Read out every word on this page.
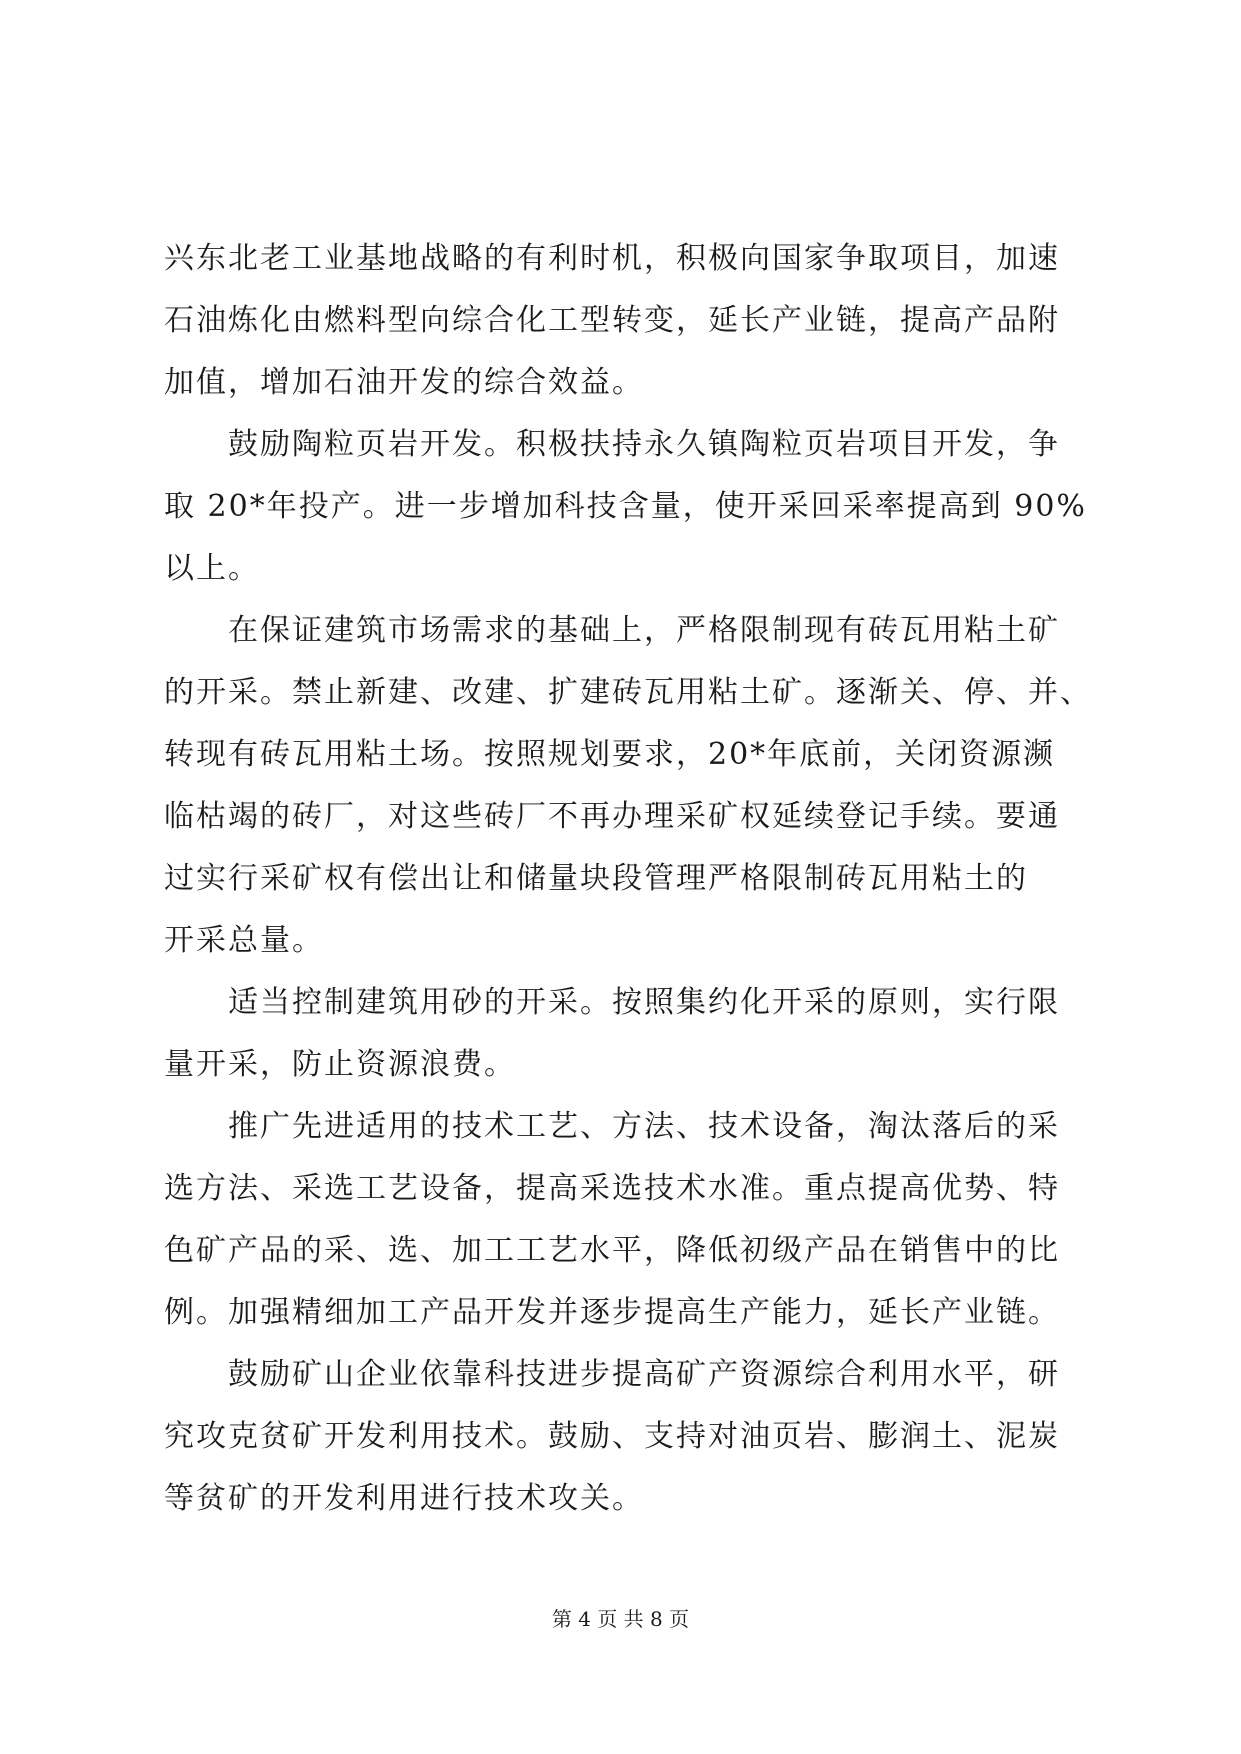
兴东北老工业基地战略的有利时机，积极向国家争取项目，加速
石油炼化由燃料型向综合化工型转变，延长产业链，提高产品附
加值，增加石油开发的综合效益。
　　鼓励陶粒页岩开发。积极扶持永久镇陶粒页岩项目开发，争
取 20*年投产。进一步增加科技含量，使开采回采率提高到 90%
以上。
　　在保证建筑市场需求的基础上，严格限制现有砖瓦用粘土矿
的开采。禁止新建、改建、扩建砖瓦用粘土矿。逐渐关、停、并、
转现有砖瓦用粘土场。按照规划要求，20*年底前，关闭资源濒
临枯竭的砖厂，对这些砖厂不再办理采矿权延续登记手续。要通
过实行采矿权有偿出让和储量块段管理严格限制砖瓦用粘土的
开采总量。
　　适当控制建筑用砂的开采。按照集约化开采的原则，实行限
量开采，防止资源浪费。
　　推广先进适用的技术工艺、方法、技术设备，淘汰落后的采
选方法、采选工艺设备，提高采选技术水准。重点提高优势、特
色矿产品的采、选、加工工艺水平，降低初级产品在销售中的比
例。加强精细加工产品开发并逐步提高生产能力，延长产业链。
　　鼓励矿山企业依靠科技进步提高矿产资源综合利用水平，研
究攻克贫矿开发利用技术。鼓励、支持对油页岩、膨润土、泥炭
等贫矿的开发利用进行技术攻关。
第 4 页 共 8 页
